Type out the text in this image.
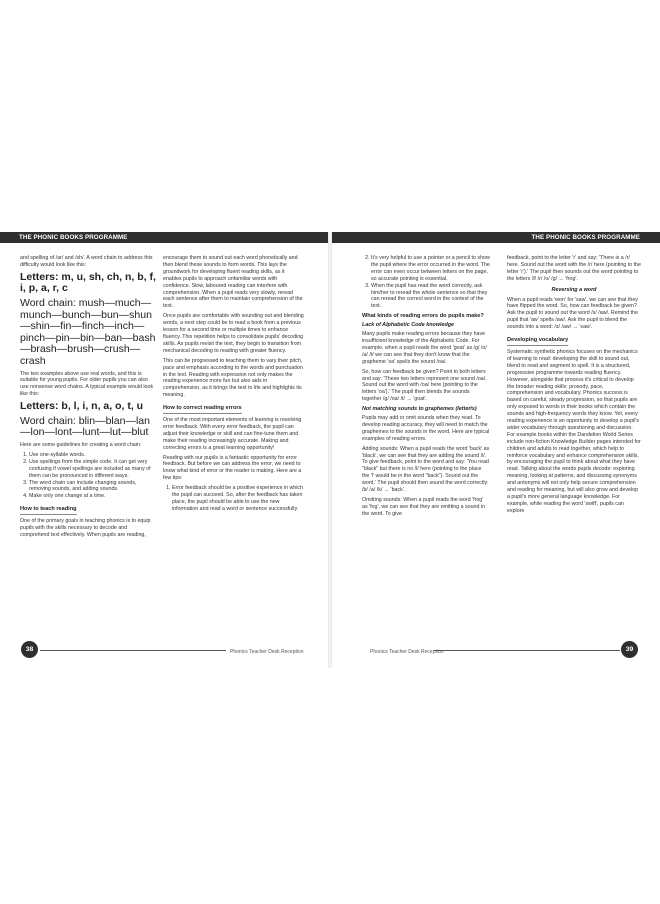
THE PHONIC BOOKS PROGRAMME

and spelling of /ar/ and /sh/. A word chain to address this difficulty would look like this:

Letters: m, u, sh, ch, n, b, f, i, p, a, r, c

Word chain: mush—much—munch—bunch—bun—shun—shin—fin—finch—inch—pinch—pin—bin—ban—bash—brash—brush—crush—crash

The two examples above use real words, and this is suitable for young pupils. For older pupils you can also use nonsense word chains. A typical example would look like this:

Letters: b, l, i, n, a, o, t, u

Word chain: blin—blan—lan—lon—lont—lunt—lut—blut

Here are some guidelines for creating a word chain:

1. Use one-syllable words.
2. Use spellings from the simple code. It can get very confusing if vowel spellings are included as many of them can be pronounced in different ways.
3. The word chain can include changing sounds, removing sounds, and adding sounds.
4. Make only one change at a time.
How to teach reading

One of the primary goals in teaching phonics is to equip pupils with the skills necessary to decode and comprehend text effectively. When pupils are reading,

encourage them to sound out each word phonetically and then blend these sounds to form words. This lays the groundwork for developing fluent reading skills, as it enables pupils to approach unfamiliar words with confidence. Slow, laboured reading can interfere with comprehension. When a pupil reads very slowly, reread each sentence after them to maintain comprehension of the text.

Once pupils are comfortable with sounding out and blending words, a next step could be to read a book from a previous lesson for a second time or multiple times to enhance fluency. This repetition helps to consolidate pupils' decoding skills. As pupils revisit the text, they begin to transition from mechanical decoding to reading with greater fluency.

This can be progressed to teaching them to vary their pitch, pace and emphasis according to the words and punctuation in the text. Reading with expression not only makes the reading experience more fun but also aids in comprehension, as it brings the text to life and highlights its meaning.

How to correct reading errors

One of the most important elements of learning is resolving error feedback. With every error feedback, the pupil can adjust their knowledge or skill and can fine-tune them and make their reading increasingly accurate. Making and correcting errors is a great learning opportunity!

Reading with our pupils is a fantastic opportunity for error feedback. But before we can address the error, we need to know what kind of error or the reader is making. Here are a few tips:

1. Error feedback should be a positive experience in which the pupil can succeed. So, after the feedback has taken place, the pupil should be able to use the new information and read a word or sentence successfully.
Phonics Teacher Desk Reception
38
THE PHONIC BOOKS PROGRAMME
2. It's very helpful to use a pointer or a pencil to show the pupil where the error occurred in the word. The error can even occur between letters on the page, so accurate pointing is essential.
3. When the pupil has read the word correctly, ask him/her to reread the whole sentence so that they can reread the correct word in the context of the text.
What kinds of reading errors do pupils make?
Lack of Alphabetic Code knowledge

Many pupils make reading errors because they have insufficient knowledge of the Alphabetic Code. For example, when a pupil reads the word 'goat' as /g/ /o/ /a/ /t/ we can see that they don't know that the grapheme 'oa' spells the sound /oa/.

So, how can feedback be given? Point to both letters and say: 'These two letters represent one sound /oa/. Sound out the word with /oa/ here (pointing to the letters 'oa').' The pupil then blends the sounds together /g/ /oa/ /t/ → 'goat'.

Not matching sounds to graphemes (letter/s)

Pupils may add or omit sounds when they read. To develop reading accuracy, they will need to match the graphemes to the sounds in the word. Here are typical examples of reading errors.

Adding sounds: When a pupil reads the word 'back' as 'black', we can see that they are adding the sound /l/. To give feedback, point to the word and say: 'You read "black" but there is no /l/ here (pointing to the place the 'l' would be in the word "back"). Sound out the word.' The pupil should then sound the word correctly: /b/ /a/ /k/ → 'back'.

Omitting sounds: When a pupil reads the word 'frog' as 'fog', we can see that they are omitting a sound in the word. To give

feedback, point to the letter 'r' and say: 'There is a /r/ here. Sound out the word with the /r/ here (pointing to the letter 'r').' The pupil then sounds out the word pointing to the letters /f/ /r/ /o/ /g/ → 'frog'.

Reversing a word

When a pupil reads 'won' for 'saw', we can see that they have flipped the word. So, how can feedback be given? Ask the pupil to sound out the word /s/ /aw/. Remind the pupil that 'aw' spells /aw/. Ask the pupil to blend the sounds into a word: /s/ /aw/ → 'saw'.

Developing vocabulary

Systematic synthetic phonics focuses on the mechanics of learning to read: developing the skill to sound out, blend to read and segment to spell. It is a structured, progressive programme towards reading fluency. However, alongside that process it's critical to develop the broader reading skills: prosody, pace, comprehension and vocabulary. Phonics success is based on careful, steady progression, so that pupils are only exposed to words in their books which contain the sounds and high-frequency words they know. Yet, every reading experience is an opportunity to develop a pupil's wider vocabulary through questioning and discussion. For example books within the Dandelion World Series include non-fiction Knowledge Builder pages intended for children and adults to read together, which help to reinforce vocabulary and enhance comprehension skills, by encouraging the pupil to think about what they have read. Talking about the words pupils decode: exploring meaning, looking at patterns, and discussing synonyms and antonyms will not only help secure comprehension and reading for meaning, but will also grow and develop a pupil's more general language knowledge. For example, while reading the word 'swift', pupils can explore

Phonics Teacher Desk Reception	39
